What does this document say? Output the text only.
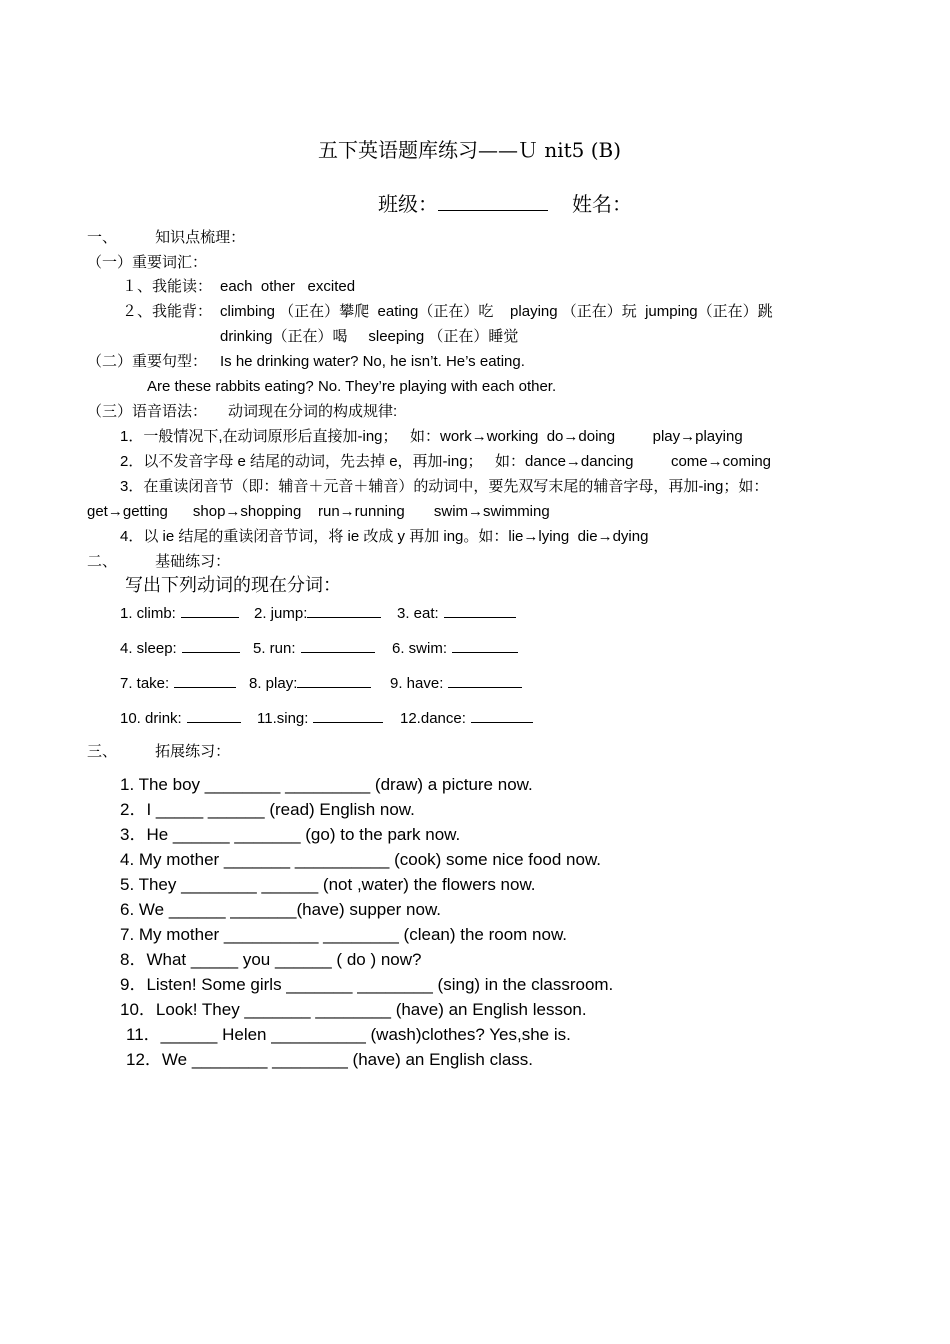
五下英语题库练习——Ｕ nit5 (B)
班级：	姓名：
一、        知识点梳理：
（一）重要词汇：
１、我能读： each  other   excited
２、我能背： climbing （正在）攀爬  eating（正在）吃    playing （正在）玩  jumping（正在）跳
drinking（正在）喝     sleeping （正在）睡觉
（二）重要句型： Is he drinking water? No, he isn’t. He’s eating.
Are these rabbits eating? No. They’re playing with each other.
（三）语音语法： 动词现在分词的构成规律:
1．一般情况下,在动词原形后直接加-ing；   如：work→working  do→doing         play→playing
2．以不发音字母 e 结尾的动词，先去掉 e，再加-ing；   如：dance→dancing         come→coming
3．在重读闭音节（即：辅音＋元音＋辅音）的动词中，要先双写末尾的辅音字母，再加-ing；如：
get→getting      shop→shopping    run→running       swim→swimming
4．以 ie 结尾的重读闭音节词，将 ie 改成 y 再加 ing。如：lie→lying  die→dying
二、        基础练习：
写出下列动词的现在分词：
1. climb:	2. jump:	3. eat:
4. sleep:	5. run:	6. swim:
7. take:	8. play:	9. have:
10. drink:	11.sing:	12.dance:
三、        拓展练习：
1. The boy ________ _________ (draw) a picture now.
2．I _____ ______ (read) English now.
3．He ______ _______ (go) to the park now.
4. My mother _______ __________ (cook) some nice food now.
5. They ________ ______ (not ,water) the flowers now.
6. We ______ _______(have) supper now.
7. My mother __________ ________ (clean) the room now.
8．What _____ you ______ ( do ) now?
9．Listen! Some girls _______ ________ (sing) in the classroom.
10．Look! They _______ ________ (have) an English lesson.
11．______ Helen __________ (wash)clothes? Yes,she is.
12．We ________ ________ (have) an English class.
